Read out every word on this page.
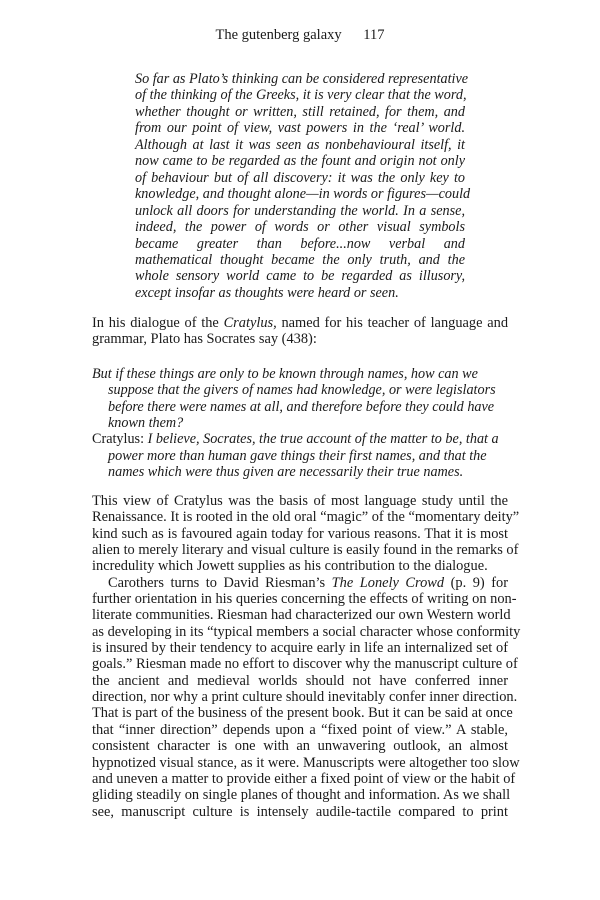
The gutenberg galaxy 117
So far as Plato’s thinking can be considered representative
of the thinking of the Greeks, it is very clear that the word,
whether thought or written, still retained, for them, and
from our point of view, vast powers in the ‘real’ world.
Although at last it was seen as nonbehavioural itself, it
now came to be regarded as the fount and origin not only
of behaviour but of all discovery: it was the only key to
knowledge, and thought alone—in words or figures—could
unlock all doors for understanding the world. In a sense,
indeed, the power of words or other visual symbols
became greater than before...now verbal and
mathematical thought became the only truth, and the
whole sensory world came to be regarded as illusory,
except insofar as thoughts were heard or seen.
In his dialogue of the Cratylus, named for his teacher of language and
grammar, Plato has Socrates say (438):
But if these things are only to be known through names, how can we
suppose that the givers of names had knowledge, or were legislators
before there were names at all, and therefore before they could have
known them?
Cratylus: I believe, Socrates, the true account of the matter to be, that a
power more than human gave things their first names, and that the
names which were thus given are necessarily their true names.
This view of Cratylus was the basis of most language study until the
Renaissance. It is rooted in the old oral “magic” of the “momentary deity”
kind such as is favoured again today for various reasons. That it is most
alien to merely literary and visual culture is easily found in the remarks of
incredulity which Jowett supplies as his contribution to the dialogue.
Carothers turns to David Riesman’s The Lonely Crowd (p. 9) for
further orientation in his queries concerning the effects of writing on non-
literate communities. Riesman had characterized our own Western world
as developing in its “typical members a social character whose conformity
is insured by their tendency to acquire early in life an internalized set of
goals.” Riesman made no effort to discover why the manuscript culture of
the ancient and medieval worlds should not have conferred inner
direction, nor why a print culture should inevitably confer inner direction.
That is part of the business of the present book. But it can be said at once
that “inner direction” depends upon a “fixed point of view.” A stable,
consistent character is one with an unwavering outlook, an almost
hypnotized visual stance, as it were. Manuscripts were altogether too slow
and uneven a matter to provide either a fixed point of view or the habit of
gliding steadily on single planes of thought and information. As we shall
see, manuscript culture is intensely audile-tactile compared to print
